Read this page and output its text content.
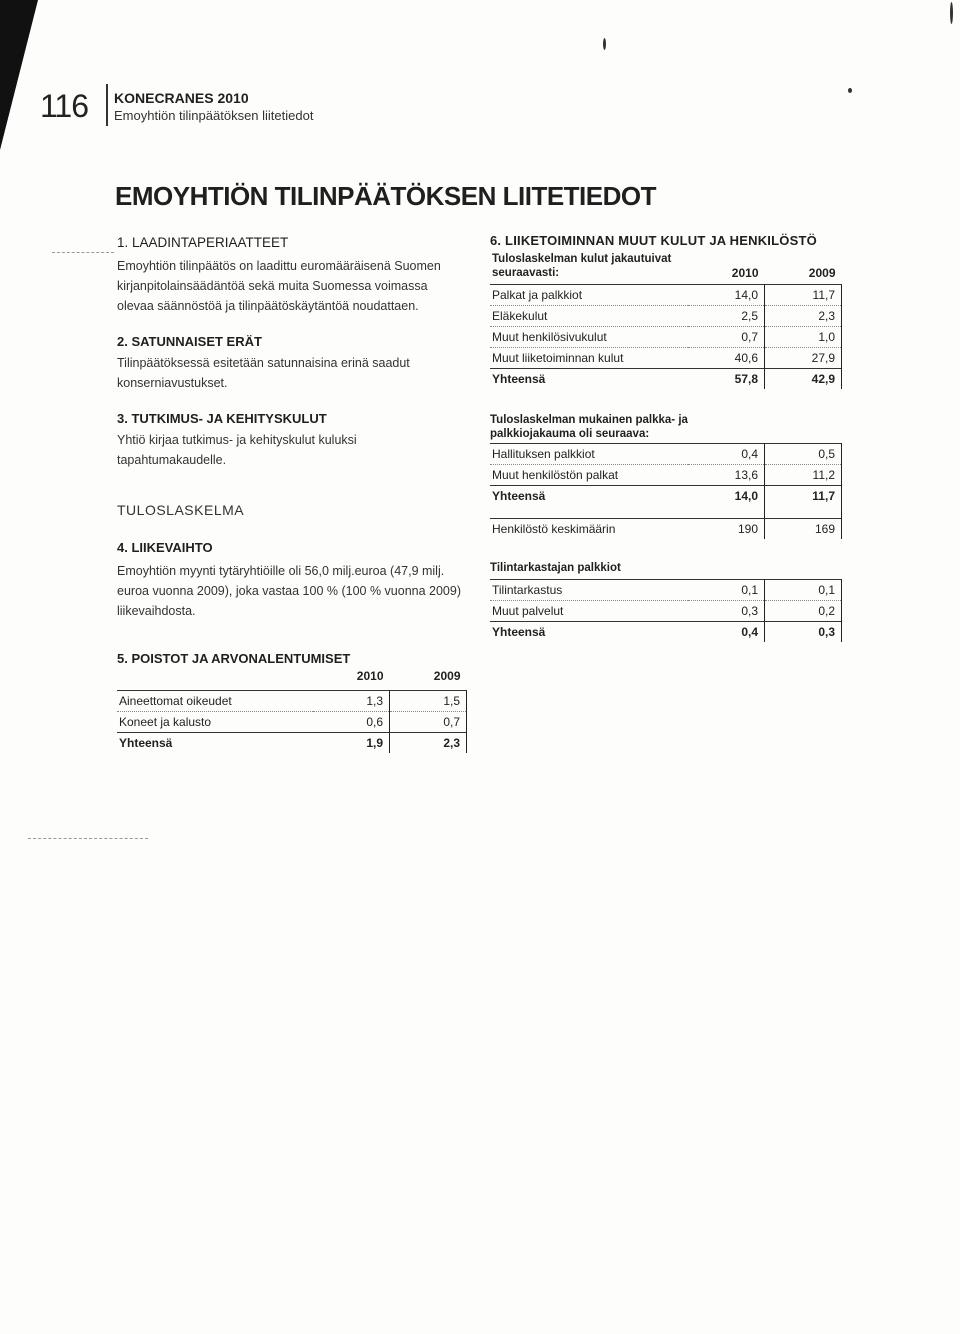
116 KONECRANES 2010
Emoyhtiön tilinpäätöksen liitetiedot
EMOYHTIÖN TILINPÄÄTÖKSEN LIITETIEDOT
1. LAADINTAPERIAATTEET

Emoyhtiön tilinpäätös on laadittu euromääräisenä Suomen kirjanpitolainsäädäntöä sekä muita Suomessa voimassa olevaa säännöstöä ja tilinpäätöskäytäntöä noudattaen.

2. SATUNNAISET ERÄT

Tilinpäätöksessä esitetään satunnaisina erinä saadut konserniavustukset.

3. TUTKIMUS- JA KEHITYSKULUT

Yhtiö kirjaa tutkimus- ja kehityskulut kuluksi tapahtumakaudelle.

TULOSLASKELMA
4. LIIKEVAIHTO

Emoyhtiön myynti tytäryhtiöille oli 56,0 milj.euroa (47,9 milj. euroa vuonna 2009), joka vastaa 100 % (100 % vuonna 2009) liikevaihdosta.

5. POISTOT JA ARVONALENTUMISET
	2010	2009

Aineettomat oikeudet	1,3	1,5
Koneet ja kalusto	0,6	0,7
Yhteensä	1,9	2,3
6. LIIKETOIMINNAN MUUT KULUT JA HENKILÖSTÖ

Tuloslaskelman kulut jakautuivat

seuraavasti:	2010	2009

Palkat ja palkkiot	14,0	11,7
Eläkekulut	2,5	2,3
Muut henkilösivukulut	0,7	1,0
Muut liiketoiminnan kulut	40,6	27,9
Yhteensä	57,8	42,9

Tuloslaskelman mukainen palkka- ja

palkkiojakauma oli seuraava:

Hallituksen palkkiot	0,4	0,5
Muut henkilöstön palkat	13,6	11,2
Yhteensä	14,0	11,7

Henkilöstö keskimäärin	190	169

Tilintarkastajan palkkiot

Tilintarkastus	0,1	0,1
Muut palvelut	0,3	0,2
Yhteensä	0,4	0,3
